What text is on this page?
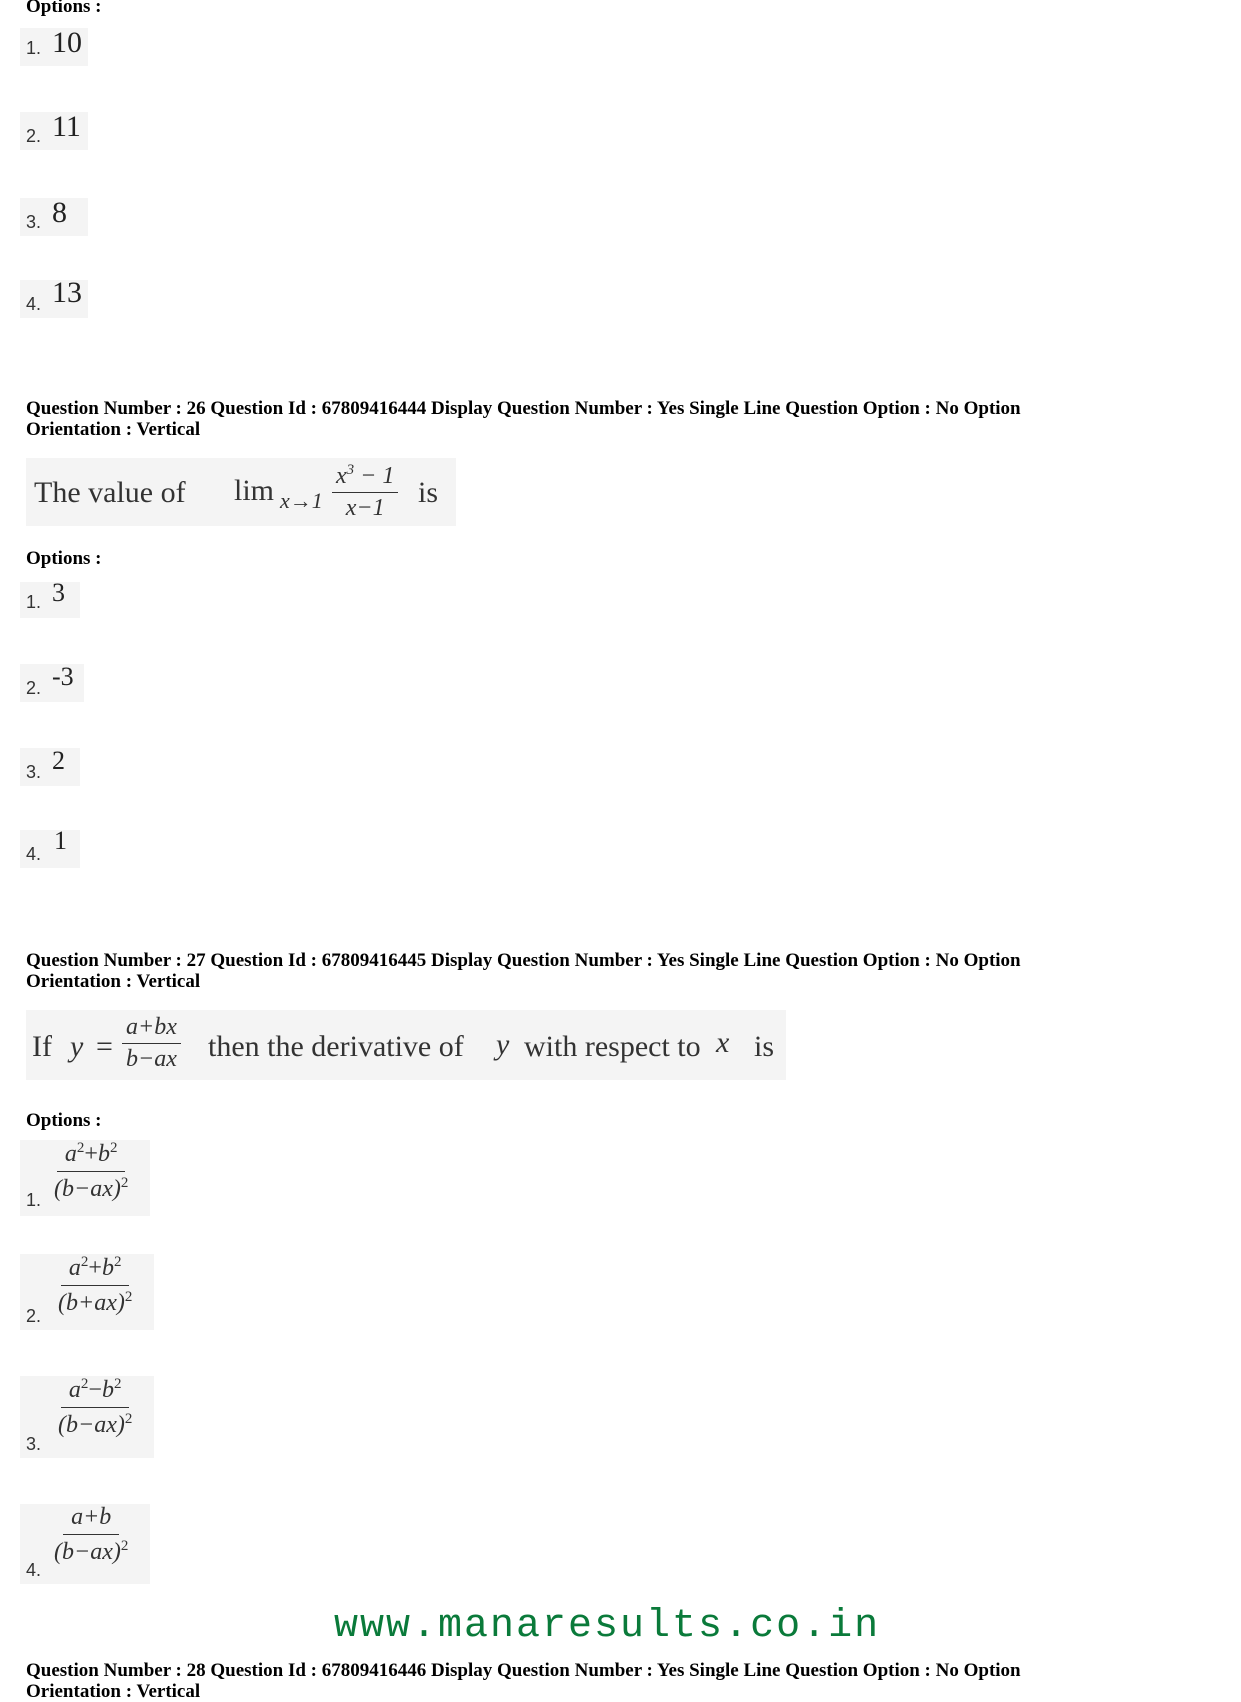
Options :
1. 10
2. 11
3. 8
4. 13
Question Number : 26 Question Id : 67809416444 Display Question Number : Yes Single Line Question Option : No Option
Orientation : Vertical
The value of $\lim x\to 1 \frac{x^3 - 1}{x-1}$ is
Options :
1. 3
2. -3
3. 2
4. 1
Question Number : 27 Question Id : 67809416445 Display Question Number : Yes Single Line Question Option : No Option
Orientation : Vertical
If $y = \frac{a+bx}{b-ax}$ then the derivative of y with respect to x is
Options :
1. $\frac{a^2+b^2}{(b-ax)^2}$
2. $\frac{a^2+b^2}{(b+ax)^2}$
3.
$\frac{a^2-b^2}{(b-ax)^2}$
4.
$\frac{a+b}{(b-ax)^2}$
www.manaresults.co.in
Question Number : 28 Question Id : 67809416446 Display Question Number : Yes Single Line Question Option : No Option
Orientation : Vertical
